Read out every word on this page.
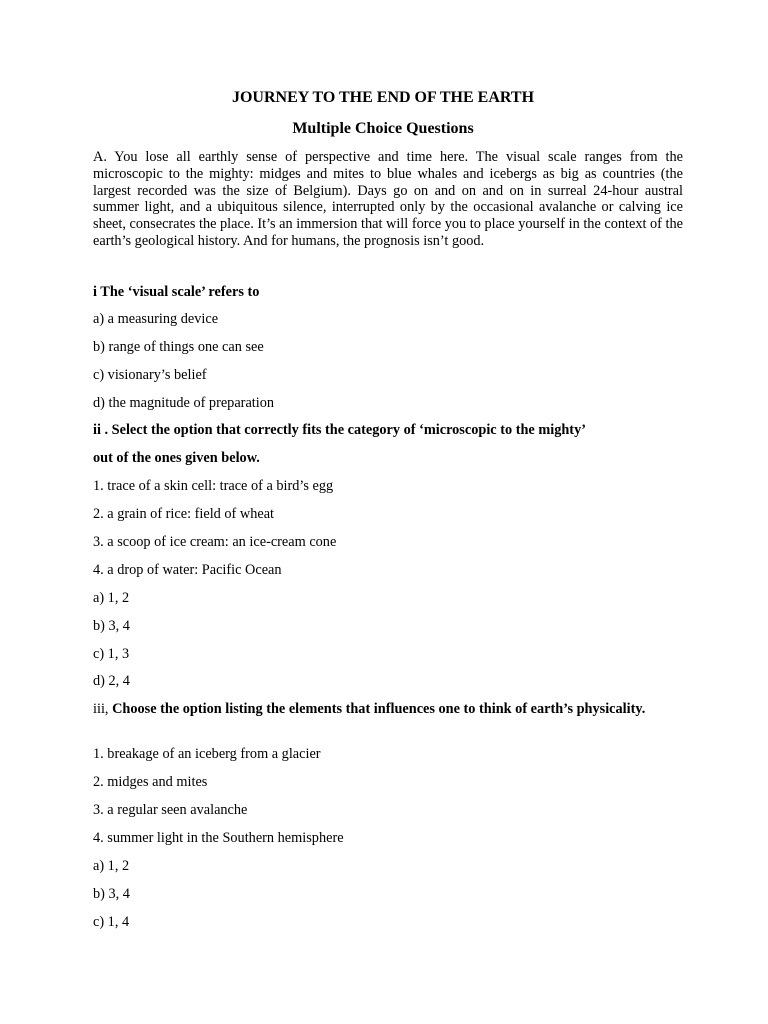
JOURNEY TO THE END OF THE EARTH
Multiple Choice Questions

A. You lose all earthly sense of perspective and time here. The visual scale ranges from the microscopic to the mighty: midges and mites to blue whales and icebergs as big as countries (the largest recorded was the size of Belgium). Days go on and on and on in surreal 24-hour austral summer light, and a ubiquitous silence, interrupted only by the occasional avalanche or calving ice sheet, consecrates the place. It’s an immersion that will force you to place yourself in the context of the earth’s geological history. And for humans, the prognosis isn’t good.

i The ‘visual scale’ refers to
a) a measuring device
b) range of things one can see
c) visionary’s belief
d) the magnitude of preparation
ii . Select the option that correctly fits the category of ‘microscopic to the mighty’
out of the ones given below.
1. trace of a skin cell: trace of a bird’s egg
2. a grain of rice: field of wheat
3. a scoop of ice cream: an ice-cream cone
4. a drop of water: Pacific Ocean
a) 1, 2
b) 3, 4
c) 1, 3
d) 2, 4
iii, Choose the option listing the elements that influences one to think of earth’s physicality.
1. breakage of an iceberg from a glacier
2. midges and mites
3. a regular seen avalanche
4. summer light in the Southern hemisphere
a) 1, 2
b) 3, 4
c) 1, 4
